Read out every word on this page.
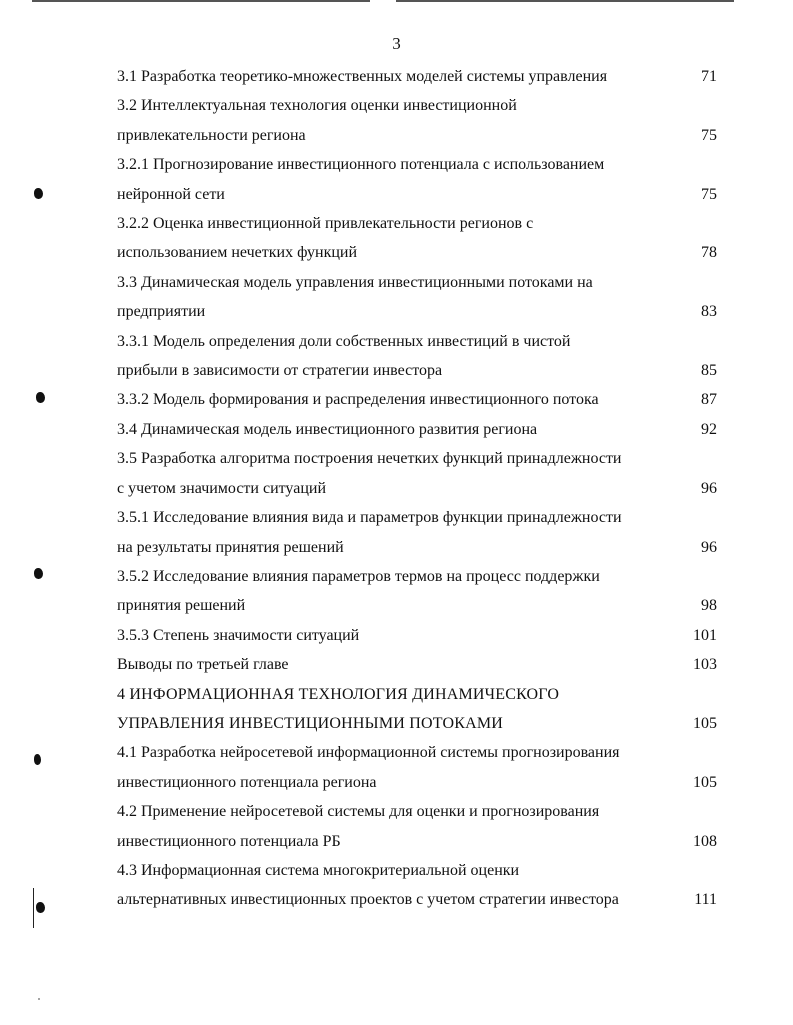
3
3.1 Разработка теоретико-множественных моделей системы управления	71
3.2 Интеллектуальная технология оценки инвестиционной
привлекательности региона	75
3.2.1 Прогнозирование инвестиционного потенциала с использованием
нейронной сети	75
3.2.2 Оценка инвестиционной привлекательности регионов с
использованием нечетких функций	78
3.3 Динамическая модель управления инвестиционными потоками на
предприятии	83
3.3.1 Модель определения доли собственных инвестиций в чистой
прибыли в зависимости от стратегии инвестора	85
3.3.2 Модель формирования и распределения инвестиционного потока	87
3.4 Динамическая модель инвестиционного развития региона	92
3.5 Разработка алгоритма построения нечетких функций принадлежности
с учетом значимости ситуаций	96
3.5.1 Исследование влияния вида и параметров функции принадлежности
на результаты принятия решений	96
3.5.2 Исследование влияния параметров термов на процесс поддержки
принятия решений	98
3.5.3 Степень значимости ситуаций	101
Выводы по третьей главе	103
4 ИНФОРМАЦИОННАЯ ТЕХНОЛОГИЯ ДИНАМИЧЕСКОГО
УПРАВЛЕНИЯ ИНВЕСТИЦИОННЫМИ ПОТОКАМИ	105
4.1 Разработка нейросетевой информационной системы прогнозирования
инвестиционного потенциала региона	105
4.2 Применение нейросетевой системы для оценки и прогнозирования
инвестиционного потенциала РБ	108
4.3 Информационная система многокритериальной оценки
альтернативных инвестиционных проектов с учетом стратегии инвестора	111
